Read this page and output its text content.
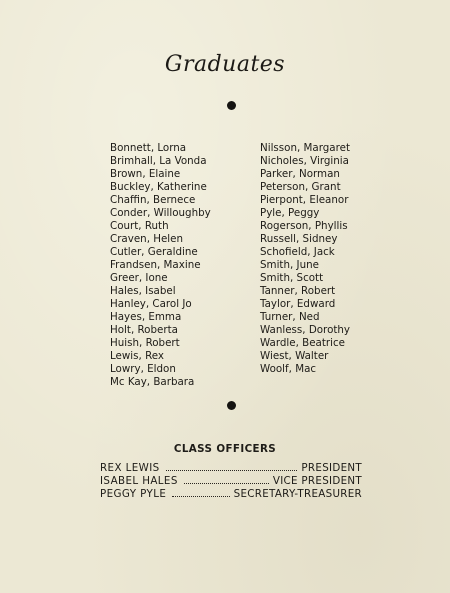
Graduates
Bonnett, Lorna
Brimhall, La Vonda
Brown, Elaine
Buckley, Katherine
Chaffin, Bernece
Conder, Willoughby
Court, Ruth
Craven, Helen
Cutler, Geraldine
Frandsen, Maxine
Greer, Ione
Hales, Isabel
Hanley, Carol Jo
Hayes, Emma
Holt, Roberta
Huish, Robert
Lewis, Rex
Lowry, Eldon
Mc Kay, Barbara
Nilsson, Margaret
Nicholes, Virginia
Parker, Norman
Peterson, Grant
Pierpont, Eleanor
Pyle, Peggy
Rogerson, Phyllis
Russell, Sidney
Schofield, Jack
Smith, June
Smith, Scott
Tanner, Robert
Taylor, Edward
Turner, Ned
Wanless, Dorothy
Wardle, Beatrice
Wiest, Walter
Woolf, Mac
CLASS OFFICERS
REX LEWIS	PRESIDENT
ISABEL HALES	VICE PRESIDENT
PEGGY PYLE	SECRETARY-TREASURER
